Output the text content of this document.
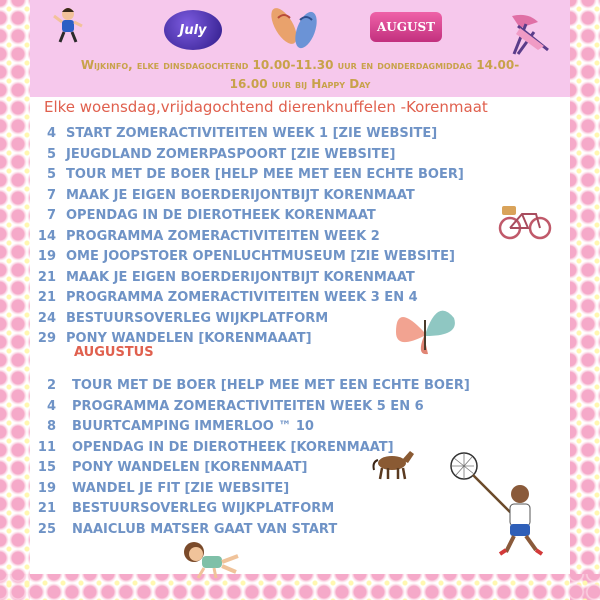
July	AUGUST
Wijkinfo, elke dinsdagochtend 10.00-11.30 uur en donderdagmiddag 14.00-
16.00 uur bij Happy Day
Elke woensdag,vrijdagochtend dierenknuffelen -Korenmaat
4 START ZOMERACTIVITEITEN WEEK 1 [ZIE WEBSITE]
5 JEUGDLAND ZOMERPASPOORT [ZIE WEBSITE]
5 TOUR MET DE BOER [HELP MEE MET EEN ECHTE BOER]
7 MAAK JE EIGEN BOERDERIJONTBIJT KORENMAAT
7 OPENDAG IN DE DIEROTHEEK KORENMAAT
14 PROGRAMMA ZOMERACTIVITEITEN WEEK 2
19 OME JOOPSTOER OPENLUCHTMUSEUM [ZIE WEBSITE]
21 MAAK JE EIGEN BOERDERIJONTBIJT KORENMAAT
21 PROGRAMMA ZOMERACTIVITEITEN WEEK 3 EN 4
24 BESTUURSOVERLEG WIJKPLATFORM
29 PONY WANDELEN [KORENMAAAT]
AUGUSTUS
2 TOUR MET DE BOER [HELP MEE MET EEN ECHTE BOER]
4 PROGRAMMA ZOMERACTIVITEITEN WEEK 5 EN 6
8 BUURTCAMPING IMMERLOO ™ 10
11 OPENDAG IN DE DIEROTHEEK [KORENMAAT]
15 PONY WANDELEN [KORENMAAT]
19 WANDEL JE FIT [ZIE WEBSITE]
21 BESTUURSOVERLEG WIJKPLATFORM
25 NAAICLUB MATSER GAAT VAN START
